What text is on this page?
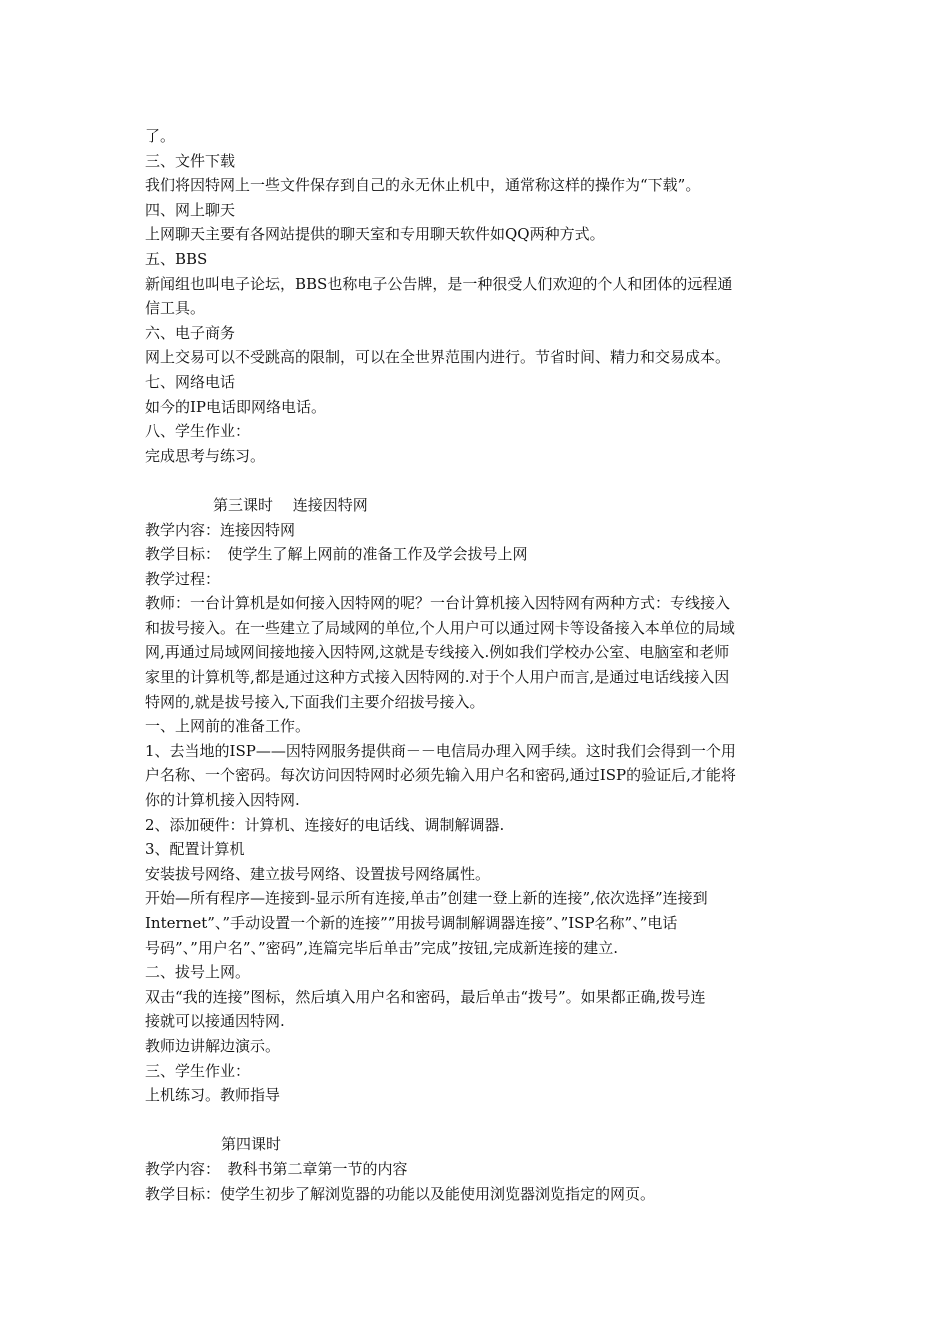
了。
三、文件下载
我们将因特网上一些文件保存到自己的永无休止机中，通常称这样的操作为“下载”。
四、网上聊天
上网聊天主要有各网站提供的聊天室和专用聊天软件如QQ两种方式。
五、BBS
新闻组也叫电子论坛，BBS也称电子公告牌，是一种很受人们欢迎的个人和团体的远程通
信工具。
六、电子商务
网上交易可以不受跳高的限制，可以在全世界范围内进行。节省时间、精力和交易成本。
七、网络电话
如今的IP电话即网络电话。
八、学生作业：
完成思考与练习。
第三课时　 连接因特网
教学内容：连接因特网
教学目标：　使学生了解上网前的准备工作及学会拔号上网
教学过程：
教师：一台计算机是如何接入因特网的呢？一台计算机接入因特网有两种方式：专线接入
和拔号接入。在一些建立了局域网的单位,个人用户可以通过网卡等设备接入本单位的局域
网,再通过局域网间接地接入因特网,这就是专线接入.例如我们学校办公室、电脑室和老师
家里的计算机等,都是通过这种方式接入因特网的.对于个人用户而言,是通过电话线接入因
特网的,就是拔号接入,下面我们主要介绍拔号接入。
一、上网前的准备工作。
1、去当地的ISP——因特网服务提供商－－电信局办理入网手续。这时我们会得到一个用
户名称、一个密码。每次访问因特网时必须先输入用户名和密码,通过ISP的验证后,才能将
你的计算机接入因特网.
2、添加硬件：计算机、连接好的电话线、调制解调器.
3、配置计算机
安装拔号网络、建立拔号网络、设置拔号网络属性。
开始—所有程序—连接到-显示所有连接,单击”创建一登上新的连接”,依次选择”连接到
Internet”、”手动设置一个新的连接””用拔号调制解调器连接”、”ISP名称”、”电话
号码”、”用户名”、”密码”,连篇完毕后单击”完成”按钮,完成新连接的建立.
二、拔号上网。
双击“我的连接”图标，然后填入用户名和密码，最后单击“拨号”。如果都正确,拨号连
接就可以接通因特网.
教师边讲解边演示。
三、学生作业：
上机练习。教师指导
第四课时
教学内容：　教科书第二章第一节的内容
教学目标：使学生初步了解浏览器的功能以及能使用浏览器浏览指定的网页。
